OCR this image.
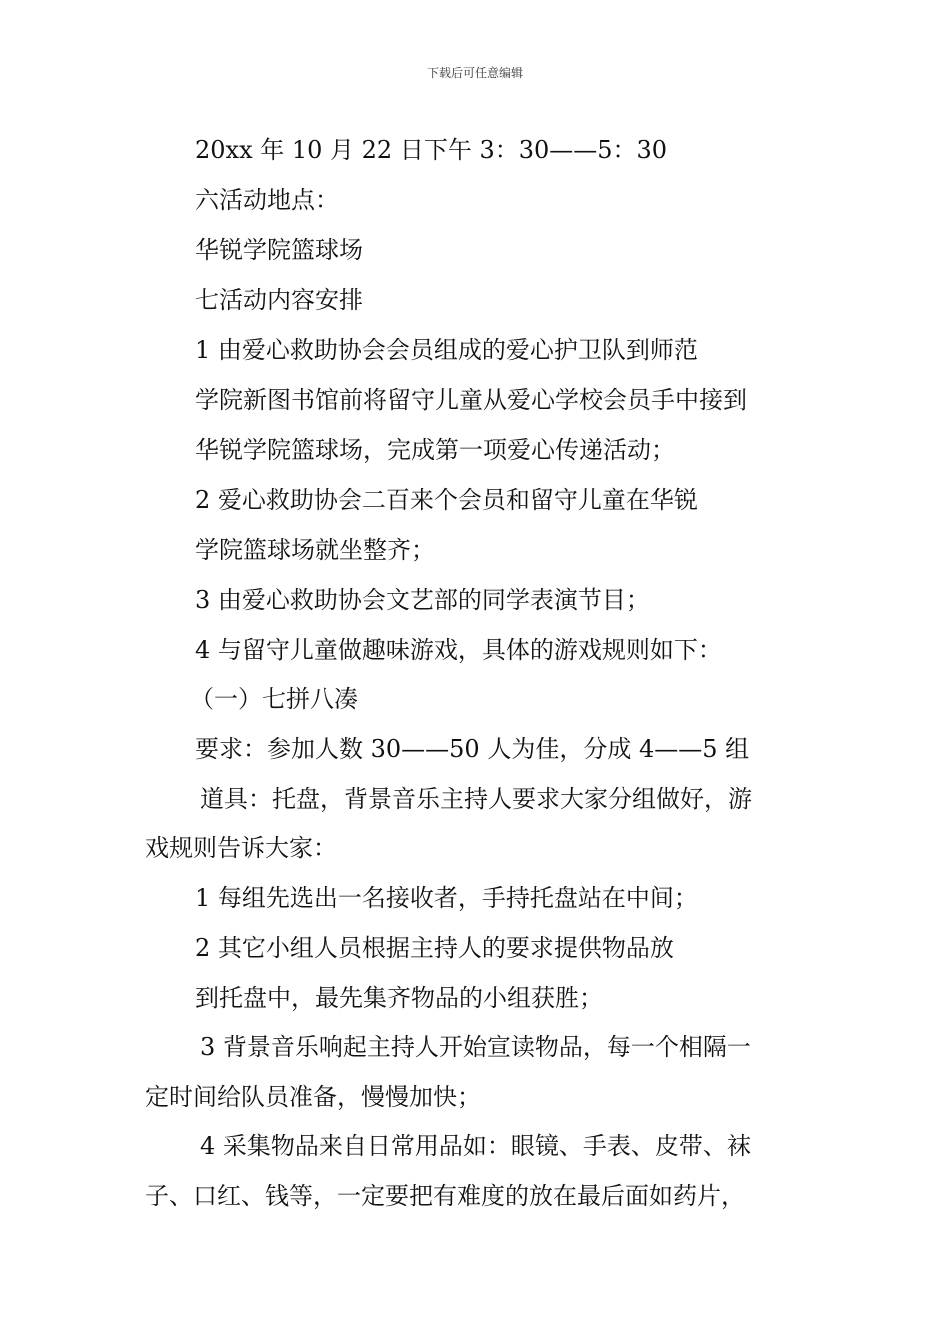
下载后可任意编辑
20xx 年 10 月 22 日下午 3：30——5：30
六活动地点：
华锐学院篮球场
七活动内容安排
1 由爱心救助协会会员组成的爱心护卫队到师范
学院新图书馆前将留守儿童从爱心学校会员手中接到
华锐学院篮球场，完成第一项爱心传递活动；
2 爱心救助协会二百来个会员和留守儿童在华锐
学院篮球场就坐整齐；
3 由爱心救助协会文艺部的同学表演节目；
4 与留守儿童做趣味游戏，具体的游戏规则如下：
（一）七拼八凑
要求：参加人数 30——50 人为佳，分成 4——5 组
道具：托盘，背景音乐主持人要求大家分组做好，游
戏规则告诉大家：
1 每组先选出一名接收者，手持托盘站在中间；
2 其它小组人员根据主持人的要求提供物品放
到托盘中，最先集齐物品的小组获胜；
3 背景音乐响起主持人开始宣读物品，每一个相隔一
定时间给队员准备，慢慢加快；
4 采集物品来自日常用品如：眼镜、手表、皮带、袜
子、口红、钱等，一定要把有难度的放在最后面如药片，
